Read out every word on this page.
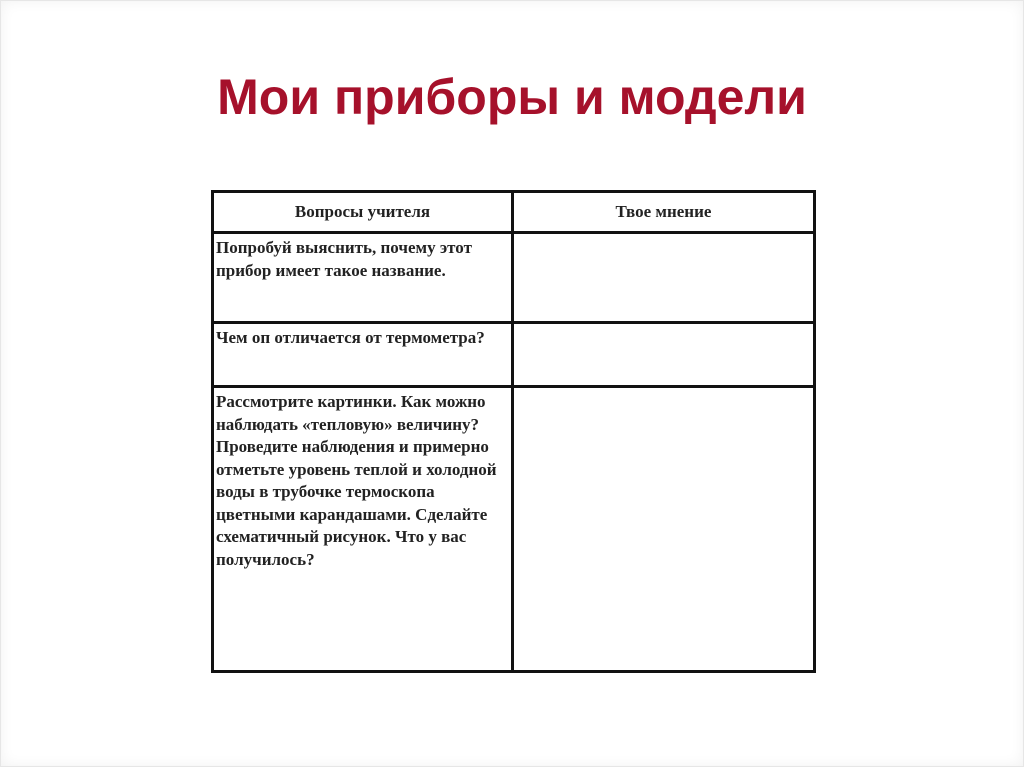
Мои приборы и модели
Вопросы учителя	Твое мнение
Попробуй выяснить, почему этот прибор имеет такое название.	
Чем оп отличается от термометра?	
Рассмотрите картинки. Как можно наблюдать «тепловую» величину? Проведите наблюдения и примерно отметьте уровень теплой и холодной воды в трубочке термоскопа цветными карандашами. Сделайте схематичный рисунок. Что у вас получилось?	
